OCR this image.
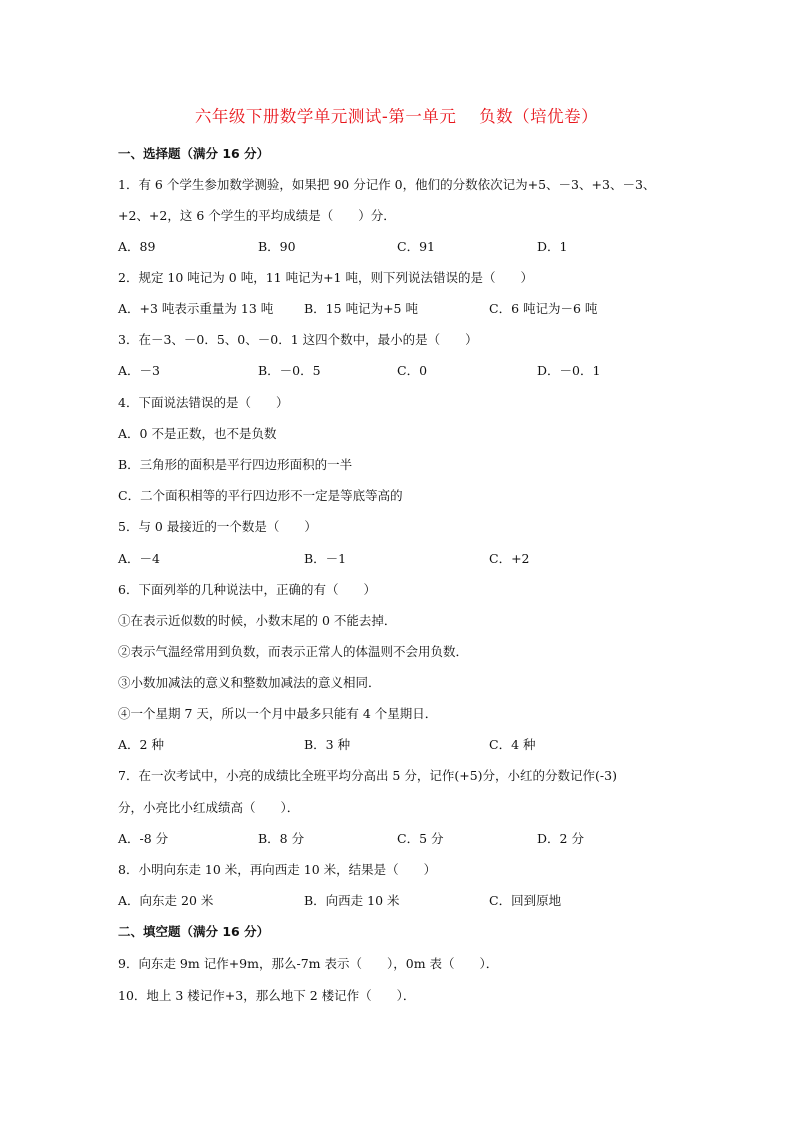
六年级下册数学单元测试-第一单元　 负数（培优卷）
一、选择题（满分 16 分）
1．有 6 个学生参加数学测验，如果把 90 分记作 0，他们的分数依次记为+5、－3、+3、－3、
+2、+2，这 6 个学生的平均成绩是（　　）分．
A．89	B．90	C．91	D．1
2．规定 10 吨记为 0 吨，11 吨记为+1 吨，则下列说法错误的是（　　）
A．+3 吨表示重量为 13 吨 B．15 吨记为+5 吨	C．6 吨记为－6 吨
3．在－3、－0．5、0、－0．1 这四个数中，最小的是（　　）
A．－3	B．－0．5	C．0	D．－0．1
4．下面说法错误的是（　　）
A．0 不是正数，也不是负数
B．三角形的面积是平行四边形面积的一半
C．二个面积相等的平行四边形不一定是等底等高的
5．与 0 最接近的一个数是（　　）
A．－4	B．－1	C．+2
6．下面列举的几种说法中，正确的有（　　）
①在表示近似数的时候，小数末尾的 0 不能去掉．
②表示气温经常用到负数，而表示正常人的体温则不会用负数．
③小数加减法的意义和整数加减法的意义相同．
④一个星期 7 天，所以一个月中最多只能有 4 个星期日．
A．2 种	B．3 种	C．4 种
7．在一次考试中，小亮的成绩比全班平均分高出 5 分，记作(+5)分，小红的分数记作(-3)
分，小亮比小红成绩高（　　）．
A．-8 分	B．8 分	C．5 分	D．2 分
8．小明向东走 10 米，再向西走 10 米，结果是（　　）
A．向东走 20 米	B．向西走 10 米	C．回到原地
二、填空题（满分 16 分）
9．向东走 9m 记作+9m，那么-7m 表示（　　），0m 表（　　）．
10．地上 3 楼记作+3，那么地下 2 楼记作（　　）．
